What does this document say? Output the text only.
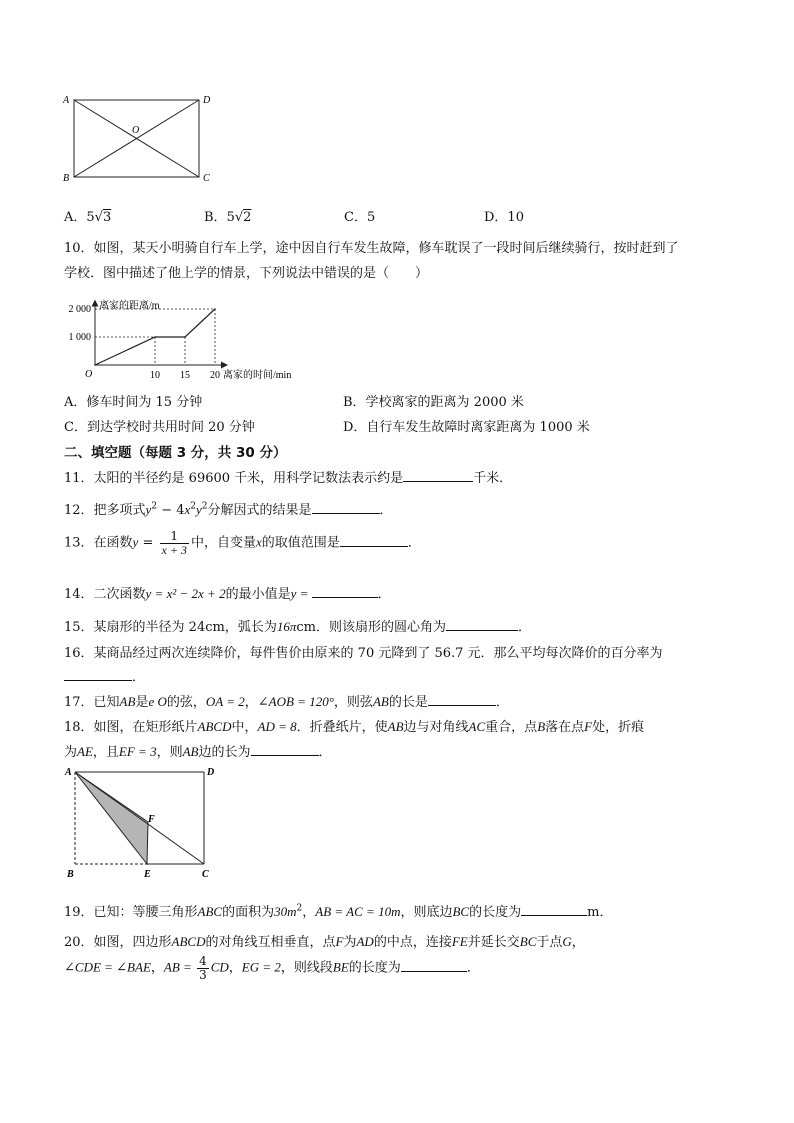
A	D
B	C
O
A．5√3	B．5√2	C．5	D．10
10．如图，某天小明骑自行车上学，途中因自行车发生故障，修车耽误了一段时间后继续骑行，按时赶到了
学校．图中描述了他上学的情景，下列说法中错误的是（　　）
离家的距离/m
离家的时间/min
O
1 000
2 000
10 15 20
A．修车时间为 15 分钟	B．学校离家的距离为 2000 米
C．到达学校时共用时间 20 分钟	D．自行车发生故障时离家距离为 1000 米
二、填空题（每题 3 分，共 30 分）
11．太阳的半径约是 69600 千米，用科学记数法表示约是	千米．
12．把多项式$y^2 - 4x^2y^2$分解因式的结果是	．
13．在函数$y = \frac{1}{x + 3}$ 中，自变量x的取值范围是	．
14．二次函数y = x² − 2x + 2的最小值是y =	．
15．某扇形的半径为 24cm，弧长为16πcm．则该扇形的圆心角为	．
16．某商品经过两次连续降价，每件售价由原来的 70 元降到了 56.7 元．那么平均每次降价的百分率为
．
17．已知AB是e O的弦，OA = 2，∠AOB = 120°，则弦AB的长是	．
18．如图，在矩形纸片ABCD中，AD = 8．折叠纸片，使AB边与对角线AC重合，点B落在点F处，折痕
为AE，且EF = 3，则AB边的长为	．
A	D
B	E	C
F
19．已知：等腰三角形ABC的面积为$30m^2$，AB = AC = 10m，则底边BC的长度为	m．
20．如图，四边形ABCD的对角线互相垂直，点F为AD的中点，连接FE并延长交BC于点G，
∠CDE = ∠BAE，AB = $\frac{4}{3}$ CD，EG = 2，则线段BE的长度为	．
